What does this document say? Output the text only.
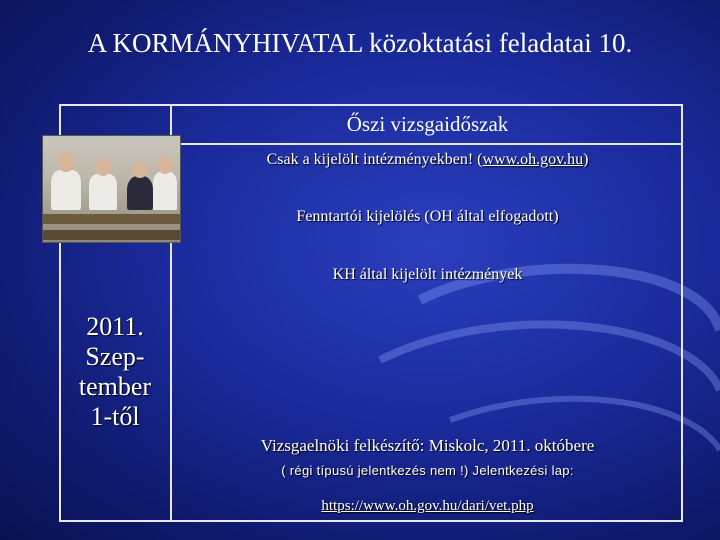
A KORMÁNYHIVATAL közoktatási feladatai 10.
Őszi vizsgaidőszak
Csak a kijelölt intézményekben! (www.oh.gov.hu)
Fenntartói kijelölés (OH által elfogadott)
KH által kijelölt intézmények
Vizsgaelnöki felkészítő: Miskolc, 2011. októbere
( régi típusú jelentkezés nem !) Jelentkezési lap:
https://www.oh.gov.hu/dari/vet.php
2011.
Szep-
tember
1-től
